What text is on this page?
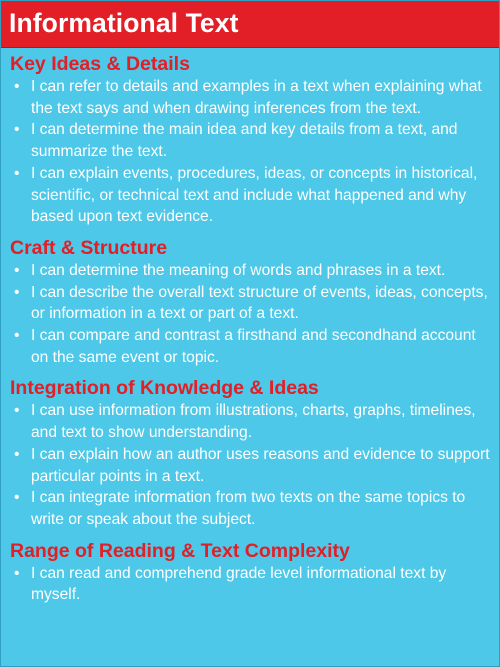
Informational Text
Key Ideas & Details
• I can refer to details and examples in a text when explaining what the text says and when drawing inferences from the text.
• I can determine the main idea and key details from a text, and summarize the text.
• I can explain events, procedures, ideas, or concepts in historical, scientific, or technical text and include what happened and why based upon text evidence.
Craft & Structure
• I can determine the meaning of words and phrases in a text.
• I can describe the overall text structure of events, ideas, concepts, or information in a text or part of a text.
• I can compare and contrast a firsthand and secondhand account on the same event or topic.
Integration of Knowledge & Ideas
• I can use information from illustrations, charts, graphs, timelines, and text to show understanding.
• I can explain how an author uses reasons and evidence to support particular points in a text.
• I can integrate information from two texts on the same topics to write or speak about the subject.
Range of Reading & Text Complexity
• I can read and comprehend grade level informational text by myself.
